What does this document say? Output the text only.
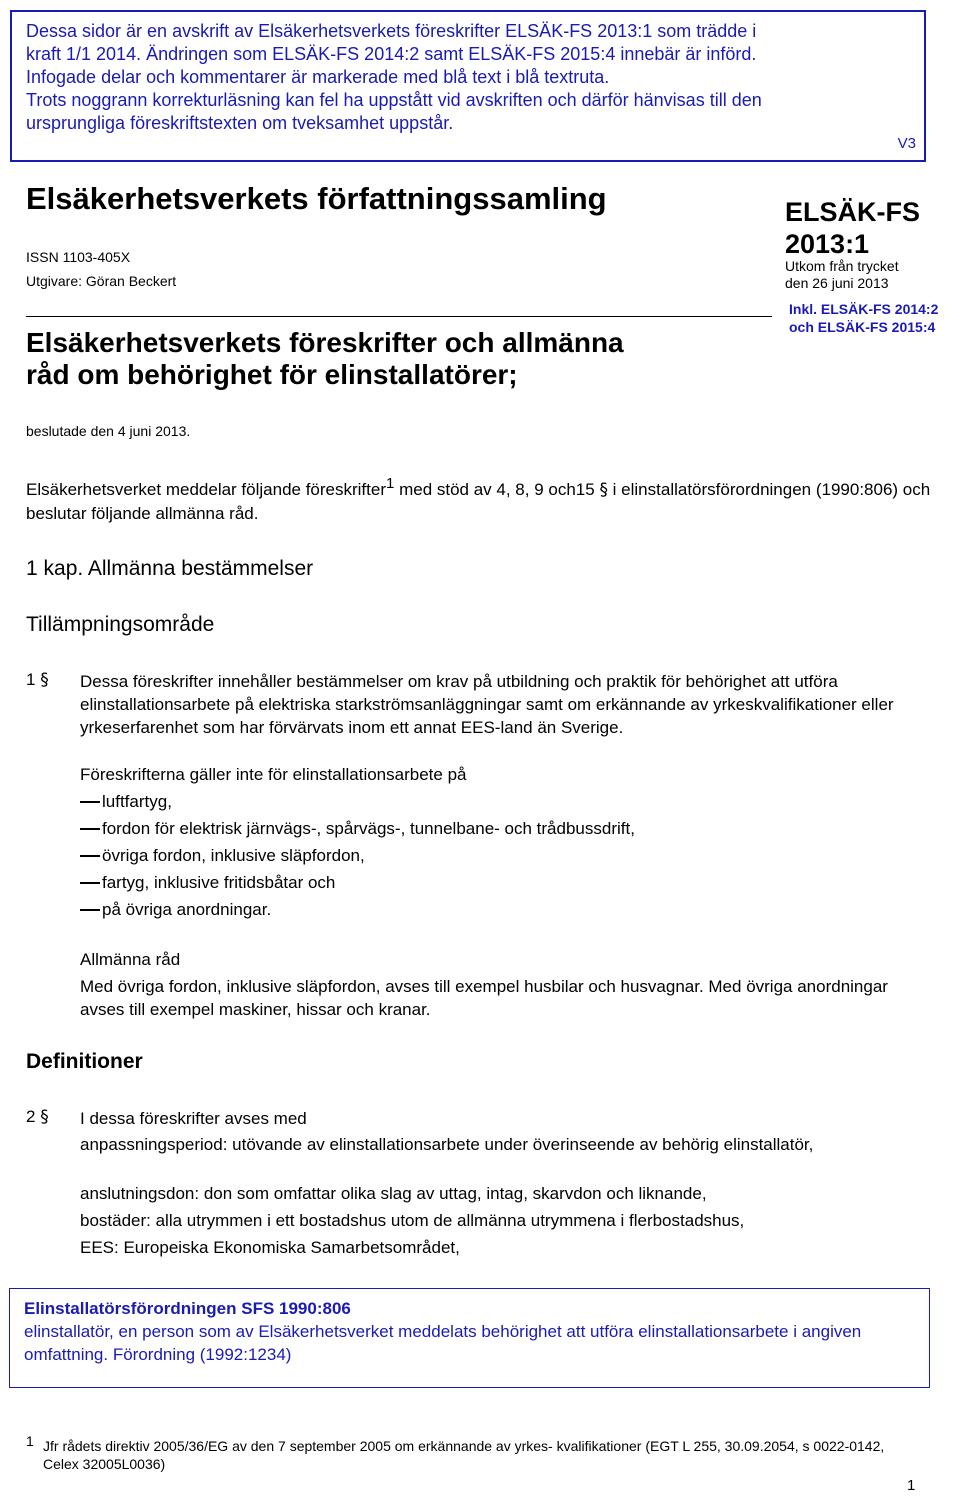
Dessa sidor är en avskrift av Elsäkerhetsverkets föreskrifter ELSÄK-FS 2013:1 som trädde i
kraft 1/1 2014. Ändringen som ELSÄK-FS 2014:2 samt ELSÄK-FS 2015:4 innebär är införd.
Infogade delar och kommentarer är markerade med blå text i blå textruta.
Trots noggrann korrekturläsning kan fel ha uppstått vid avskriften och därför hänvisas till den
ursprungliga föreskriftstexten om tveksamhet uppstår.
V3
Elsäkerhetsverkets författningssamling
ISSN 1103-405X
Utgivare: Göran Beckert
Elsäkerhetsverkets föreskrifter och allmänna
råd om behörighet för elinstallatörer;
ELSÄK-FS
2013:1
Utkom från trycket
den 26 juni 2013
Inkl. ELSÄK-FS 2014:2
och ELSÄK-FS 2015:4
beslutade den 4 juni 2013.
Elsäkerhetsverket meddelar följande föreskrifter$^1$ med stöd av 4, 8, 9 och15 § i elinstallatörsförordningen (1990:806) och beslutar följande allmänna råd.
1 kap. Allmänna bestämmelser
Tillämpningsområde
1 § Dessa föreskrifter innehåller bestämmelser om krav på utbildning och praktik för behörighet att utföra elinstallationsarbete på elektriska starkströmsanläggningar samt om erkännande av yrkeskvalifikationer eller yrkeserfarenhet som har förvärvats inom ett annat EES-land än Sverige.
Föreskrifterna gäller inte för elinstallationsarbete på
luftfartyg,
fordon för elektrisk järnvägs-, spårvägs-, tunnelbane- och trådbussdrift,
övriga fordon, inklusive släpfordon,
fartyg, inklusive fritidsbåtar och
på övriga anordningar.
Allmänna råd
Med övriga fordon, inklusive släpfordon, avses till exempel husbilar och husvagnar. Med övriga anordningar avses till exempel maskiner, hissar och kranar.
Definitioner
2 § I dessa föreskrifter avses med
anpassningsperiod: utövande av elinstallationsarbete under överinseende av behörig elinstallatör,
anslutningsdon: don som omfattar olika slag av uttag, intag, skarvdon och liknande,
bostäder: alla utrymmen i ett bostadshus utom de allmänna utrymmena i flerbostadshus,
EES: Europeiska Ekonomiska Samarbetsområdet,
Elinstallatörsförordningen SFS 1990:806
elinstallatör, en person som av Elsäkerhetsverket meddelats behörighet att utföra elinstallationsarbete i angiven omfattning. Förordning (1992:1234)
1 Jfr rådets direktiv 2005/36/EG av den 7 september 2005 om erkännande av yrkes- kvalifikationer (EGT L 255, 30.09.2054, s 0022-0142, Celex 32005L0036)
1
